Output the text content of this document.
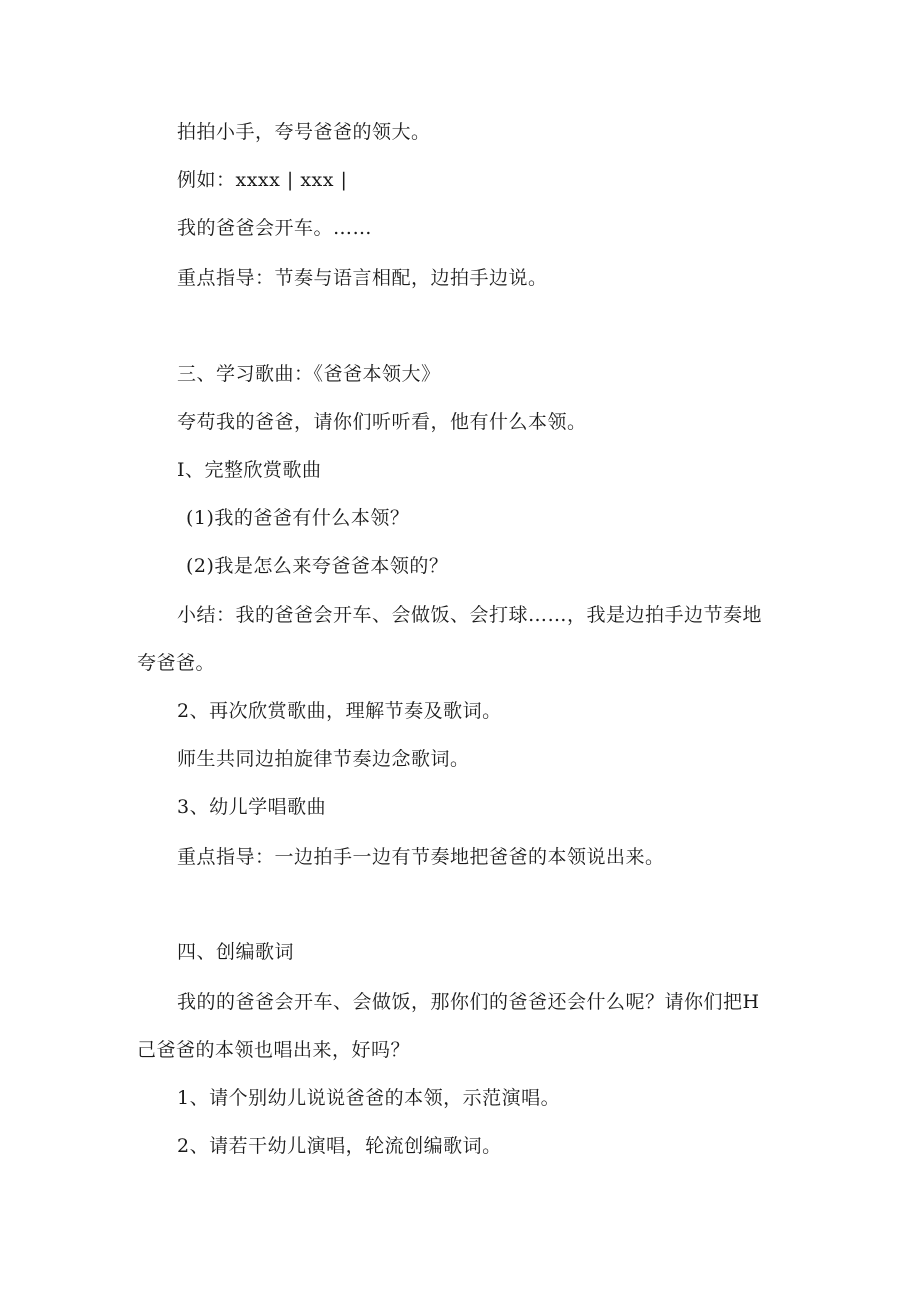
拍拍小手，夸号爸爸的领大。
例如：xxxx | xxx |
我的爸爸会开车。……
重点指导：节奏与语言相配，边拍手边说。
三、学习歌曲：《爸爸本领大》
夸苟我的爸爸，请你们听听看，他有什么本领。
I、完整欣赏歌曲
(1)我的爸爸有什么本领？
(2)我是怎么来夸爸爸本领的？
小结：我的爸爸会开车、会做饭、会打球……，我是边拍手边节奏地
夸爸爸。
2、再次欣赏歌曲，理解节奏及歌词。
师生共同边拍旋律节奏边念歌词。
3、幼儿学唱歌曲
重点指导：一边拍手一边有节奏地把爸爸的本领说出来。
四、创编歌词
我的的爸爸会开车、会做饭，那你们的爸爸还会什么呢？请你们把H
己爸爸的本领也唱出来，好吗？
1、请个别幼儿说说爸爸的本领，示范演唱。
2、请若干幼儿演唱，轮流创编歌词。
